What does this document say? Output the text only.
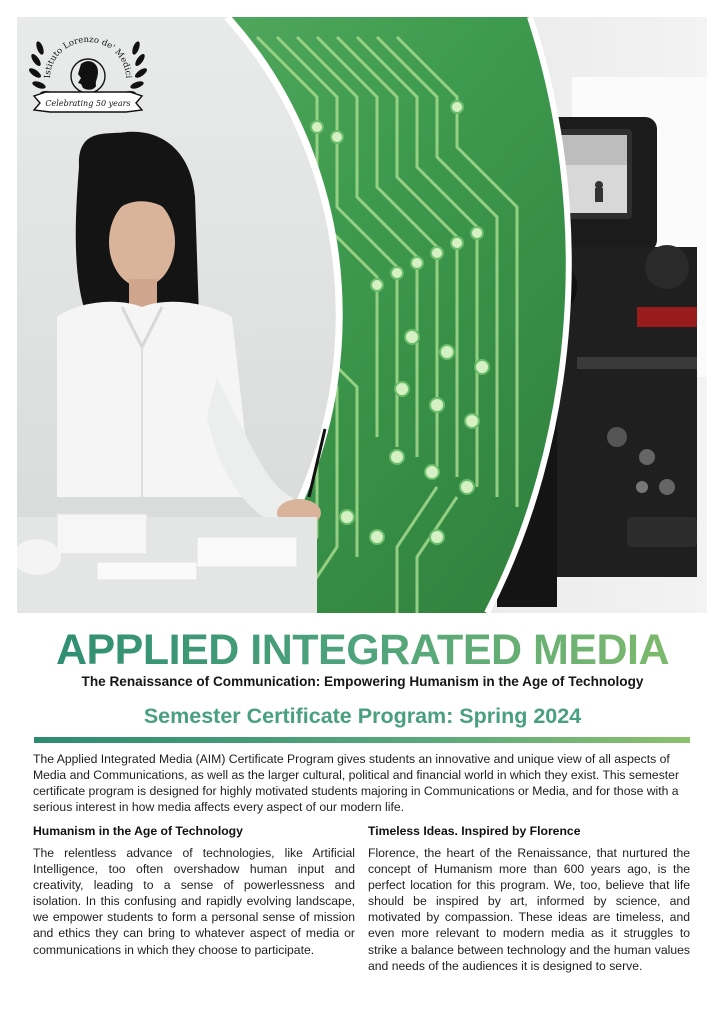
Istituto Lorenzo de' Medici
Celebrating 50 years
APPLIED INTEGRATED MEDIA
The Renaissance of Communication: Empowering Humanism in the Age of Technology
Semester Certificate Program: Spring 2024

The Applied Integrated Media (AIM) Certificate Program gives students an innovative and unique view of all aspects of Media and Communications, as well as the larger cultural, political and financial world in which they exist. This semester certificate program is designed for highly motivated students majoring in Communications or Media, and for those with a serious interest in how media affects every aspect of our modern life.

Humanism in the Age of Technology

The relentless advance of technologies, like Artificial Intelligence, too often overshadow human input and creativity, leading to a sense of powerlessness and isolation. In this confusing and rapidly evolving landscape, we empower students to form a personal sense of mission and ethics they can bring to whatever aspect of media or communications in which they choose to participate.

Timeless Ideas. Inspired by Florence

Florence, the heart of the Renaissance, that nurtured the concept of Humanism more than 600 years ago, is the perfect location for this program. We, too, believe that life should be inspired by art, informed by science, and motivated by compassion. These ideas are timeless, and even more relevant to modern media as it struggles to strike a balance between technology and the human values and needs of the audiences it is designed to serve.
